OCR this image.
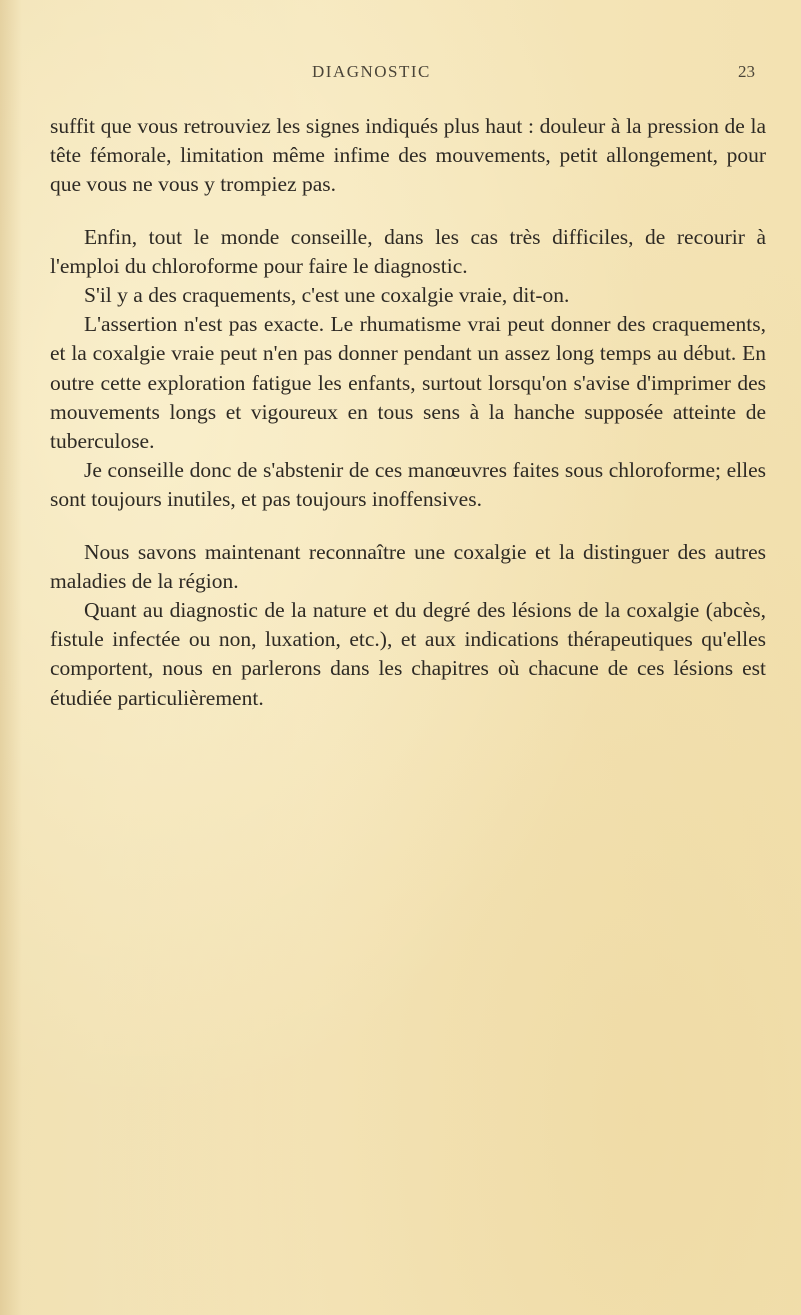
DIAGNOSTIC	23

suffit que vous retrouviez les signes indiqués plus haut : douleur à la pression de la tête fémorale, limitation même infime des mouvements, petit allongement, pour que vous ne vous y trompiez pas.

Enfin, tout le monde conseille, dans les cas très difficiles, de recourir à l'emploi du chloroforme pour faire le diagnostic.

S'il y a des craquements, c'est une coxalgie vraie, dit-on.

L'assertion n'est pas exacte. Le rhumatisme vrai peut donner des craquements, et la coxalgie vraie peut n'en pas donner pendant un assez long temps au début. En outre cette exploration fatigue les enfants, surtout lorsqu'on s'avise d'imprimer des mouvements longs et vigoureux en tous sens à la hanche supposée atteinte de tuberculose.

Je conseille donc de s'abstenir de ces manœuvres faites sous chloroforme; elles sont toujours inutiles, et pas toujours inoffensives.

Nous savons maintenant reconnaître une coxalgie et la distinguer des autres maladies de la région.

Quant au diagnostic de la nature et du degré des lésions de la coxalgie (abcès, fistule infectée ou non, luxation, etc.), et aux indications thérapeutiques qu'elles comportent, nous en parlerons dans les chapitres où chacune de ces lésions est étudiée particulièrement.
